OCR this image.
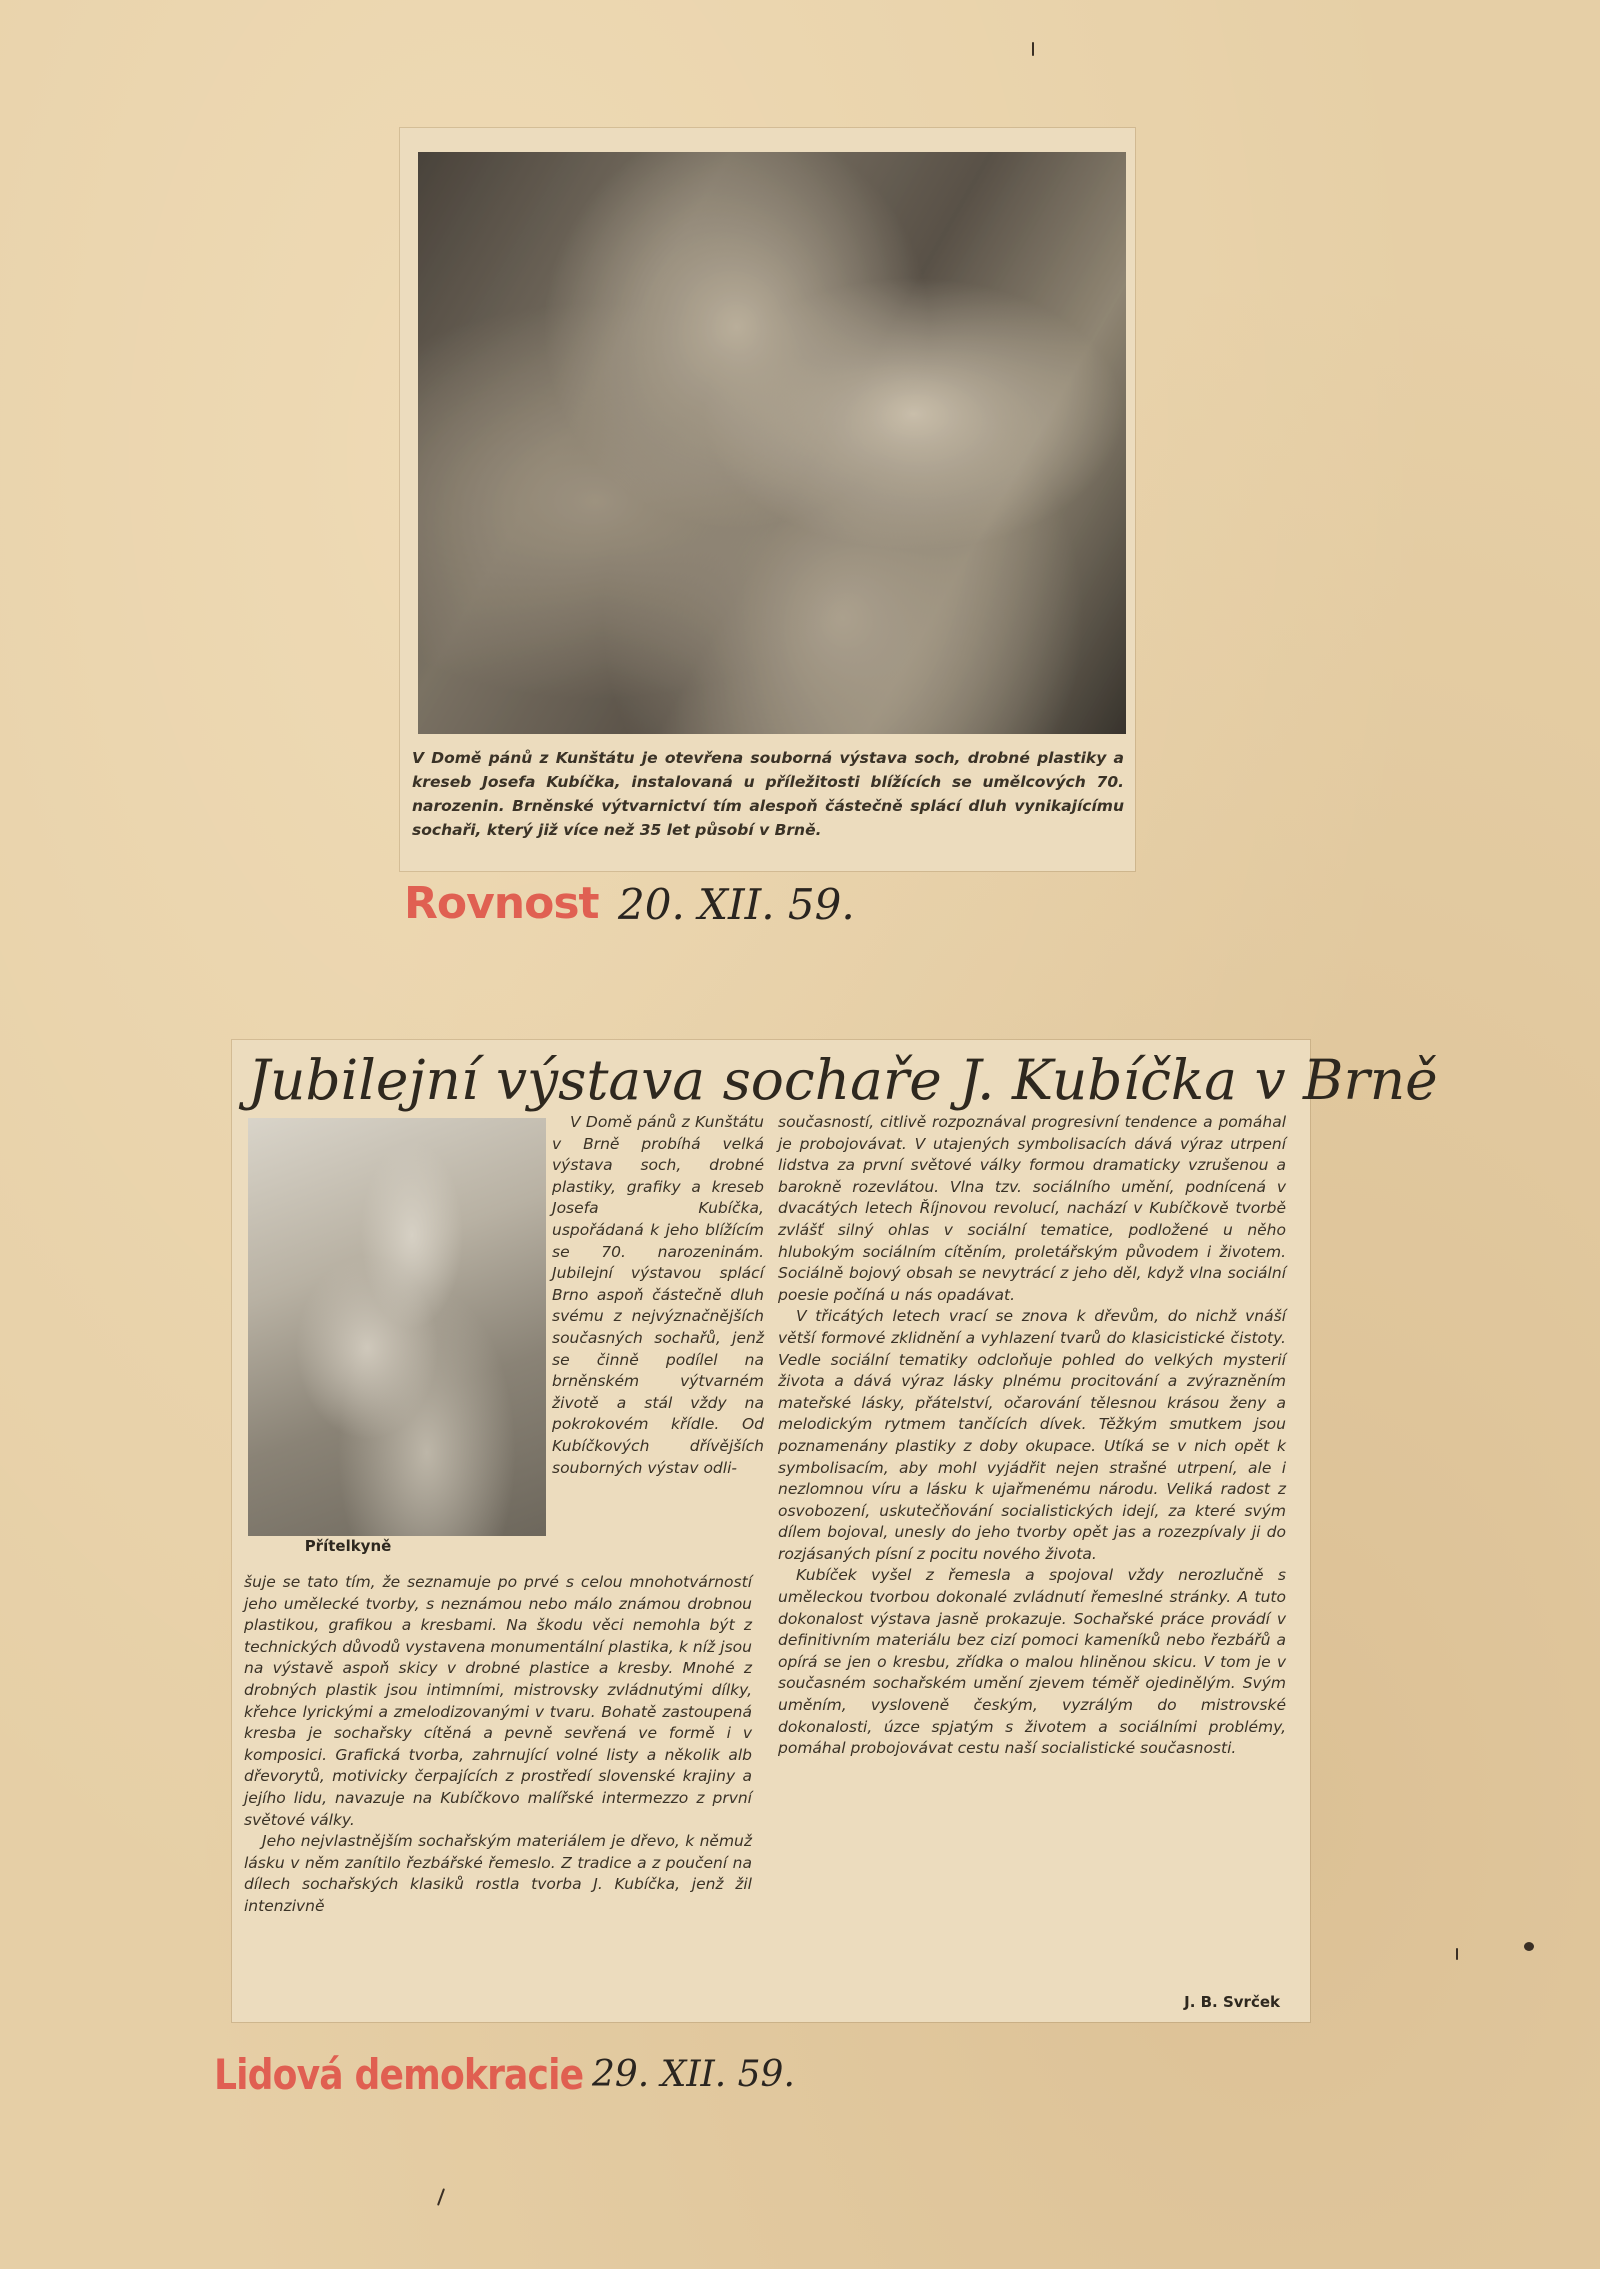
V Domě pánů z Kunštátu je otevřena souborná výstava soch, drobné plastiky a kreseb Josefa Kubíčka, instalovaná u příležitosti blížících se umělcových 70. narozenin. Brněnské výtvarnictví tím alespoň částečně splácí dluh vynikajícímu sochaři, který již více než 35 let působí v Brně.
Rovnost 20. XII. 59.
Jubilejní výstava sochaře J. Kubíčka v Brně
Přítelkyně

V Domě pánů z Kunštátu v Brně probíhá velká výstava soch, drobné plastiky, grafiky a kreseb Josefa Kubíčka, uspořádaná k jeho blížícím se 70. narozeninám. Jubilejní výstavou splácí Brno aspoň částečně dluh svému z nejvýznačnějších současných sochařů, jenž se činně podílel na brněnském výtvarném životě a stál vždy na pokrokovém křídle. Od Kubíčkových dřívějších souborných výstav odli-

šuje se tato tím, že seznamuje po prvé s celou mnohotvárností jeho umělecké tvorby, s neznámou nebo málo známou drobnou plastikou, grafikou a kresbami. Na škodu věci nemohla být z technických důvodů vystavena monumentální plastika, k níž jsou na výstavě aspoň skicy v drobné plastice a kresby. Mnohé z drobných plastik jsou intimními, mistrovsky zvládnutými dílky, křehce lyrickými a zmelodizovanými v tvaru. Bohatě zastoupená kresba je sochařsky cítěná a pevně sevřená ve formě i v komposici. Grafická tvorba, zahrnující volné listy a několik alb dřevorytů, motivicky čerpajících z prostředí slovenské krajiny a jejího lidu, navazuje na Kubíčkovo malířské intermezzo z první světové války.

Jeho nejvlastnějším sochařským materiálem je dřevo, k němuž lásku v něm zanítilo řezbářské řemeslo. Z tradice a z poučení na dílech sochařských klasiků rostla tvorba J. Kubíčka, jenž žil intenzivně

současností, citlivě rozpoznával progresivní tendence a pomáhal je probojovávat. V utajených symbolisacích dává výraz utrpení lidstva za první světové války formou dramaticky vzrušenou a barokně rozevlátou. Vlna tzv. sociálního umění, podnícená v dvacátých letech Říjnovou revolucí, nachází v Kubíčkově tvorbě zvlášť silný ohlas v sociální tematice, podložené u něho hlubokým sociálním cítěním, proletářským původem i životem. Sociálně bojový obsah se nevytrácí z jeho děl, když vlna sociální poesie počíná u nás opadávat.

V třicátých letech vrací se znova k dřevům, do nichž vnáší větší formové zklidnění a vyhlazení tvarů do klasicistické čistoty. Vedle sociální tematiky odcloňuje pohled do velkých mysterií života a dává výraz lásky plnému procitování a zvýrazněním mateřské lásky, přátelství, očarování tělesnou krásou ženy a melodickým rytmem tančících dívek. Těžkým smutkem jsou poznamenány plastiky z doby okupace. Utíká se v nich opět k symbolisacím, aby mohl vyjádřit nejen strašné utrpení, ale i nezlomnou víru a lásku k ujařmenému národu. Veliká radost z osvobození, uskutečňování socialistických idejí, za které svým dílem bojoval, unesly do jeho tvorby opět jas a rozezpívaly ji do rozjásaných písní z pocitu nového života.

Kubíček vyšel z řemesla a spojoval vždy nerozlučně s uměleckou tvorbou dokonalé zvládnutí řemeslné stránky. A tuto dokonalost výstava jasně prokazuje. Sochařské práce provádí v definitivním materiálu bez cizí pomoci kameníků nebo řezbářů a opírá se jen o kresbu, zřídka o malou hliněnou skicu. V tom je v současném sochařském umění zjevem téměř ojedinělým. Svým uměním, vysloveně českým, vyzrálým do mistrovské dokonalosti, úzce spjatým s životem a sociálními problémy, pomáhal probojovávat cestu naší socialistické současnosti.

J. B. Svrček
Lidová demokracie 29. XII. 59.
